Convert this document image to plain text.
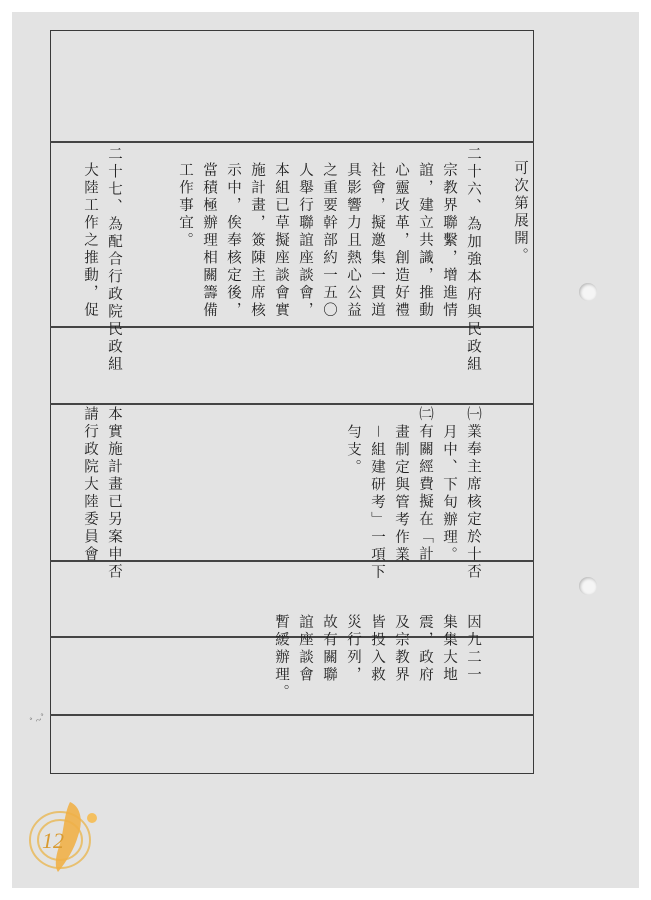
可次第展開。
二十六、為加強本府與民政組
宗教界聯繫，增進情
誼，建立共識，推動
心靈改革，創造好禮
社會，擬邀集一貫道
具影響力且熱心公益
之重要幹部約一五〇
人舉行聯誼座談會，
本組已草擬座談會實
施計畫，簽陳主席核
示中，俟奉核定後，
當積極辦理相關籌備
工作事宜。
㈠業奉主席核定於十否
月中、下旬辦理。
㈡有關經費擬在「計
畫制定與管考作業
－組建研考」一項下
勻支。
因九二一
集集大地
震，政府
及宗教界
皆投入救
災行列，
故有關聯
誼座談會
暫緩辦理。
二十七、為配合行政院民政組
大陸工作之推動，促
本實施計畫已另案申否
請行政院大陸委員會
ﾞ~ﾞ
12
